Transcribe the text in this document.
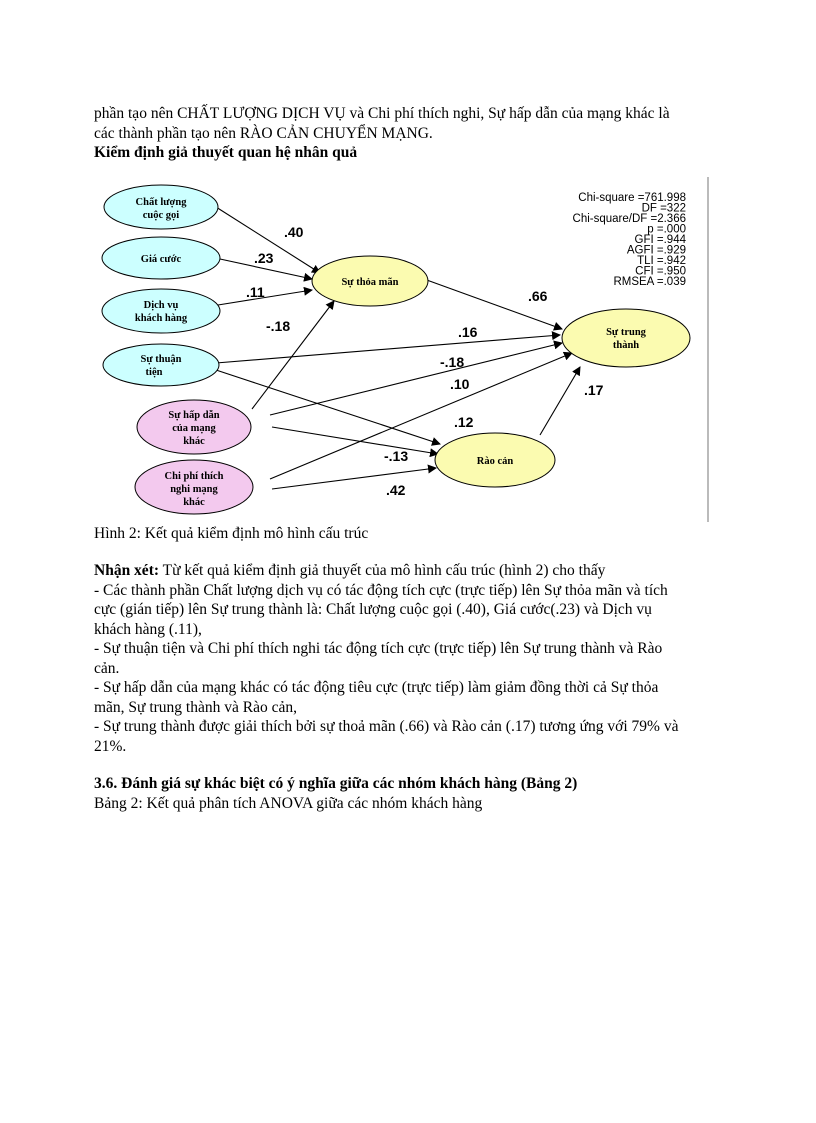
phần tạo nên CHẤT LƯỢNG DỊCH VỤ và Chi phí thích nghi, Sự hấp dẫn của mạng khác là

các thành phần tạo nên RÀO CẢN CHUYỂN MẠNG.

Kiểm định giả thuyết quan hệ nhân quả

Chất lượng
cuộc gọi
Giá cước
Dịch vụ
khách hàng
Sự thuận
tiện
Sự hấp dẫn
của mạng
khác
Chi phí thích
nghi mạng
khác
Sự thỏa mãn
Sự trung
thành
Rào cản
.40
.23
.11
-.18
.66
.16
-.18
.10
.12
-.13
.42
.17
Chi-square =761.998
DF =322
Chi-square/DF =2.366
p =.000
GFI =.944
AGFI =.929
TLI =.942
CFI =.950
RMSEA =.039

Hình 2: Kết quả kiểm định mô hình cấu trúc

Nhận xét: Từ kết quả kiểm định giả thuyết của mô hình cấu trúc (hình 2) cho thấy

- Các thành phần Chất lượng dịch vụ có tác động tích cực (trực tiếp) lên Sự thỏa mãn và tích

cực (gián tiếp) lên Sự trung thành là: Chất lượng cuộc gọi (.40), Giá cước(.23) và Dịch vụ

khách hàng (.11),

- Sự thuận tiện và Chi phí thích nghi tác động tích cực (trực tiếp) lên Sự trung thành và Rào

cản.

- Sự hấp dẫn của mạng khác có tác động tiêu cực (trực tiếp) làm giảm đồng thời cả Sự thỏa

mãn, Sự trung thành và Rào cản,

- Sự trung thành được giải thích bởi sự thoả mãn (.66) và Rào cản (.17) tương ứng với 79% và

21%.

3.6. Đánh giá sự khác biệt có ý nghĩa giữa các nhóm khách hàng (Bảng 2)

Bảng 2: Kết quả phân tích ANOVA giữa các nhóm khách hàng
